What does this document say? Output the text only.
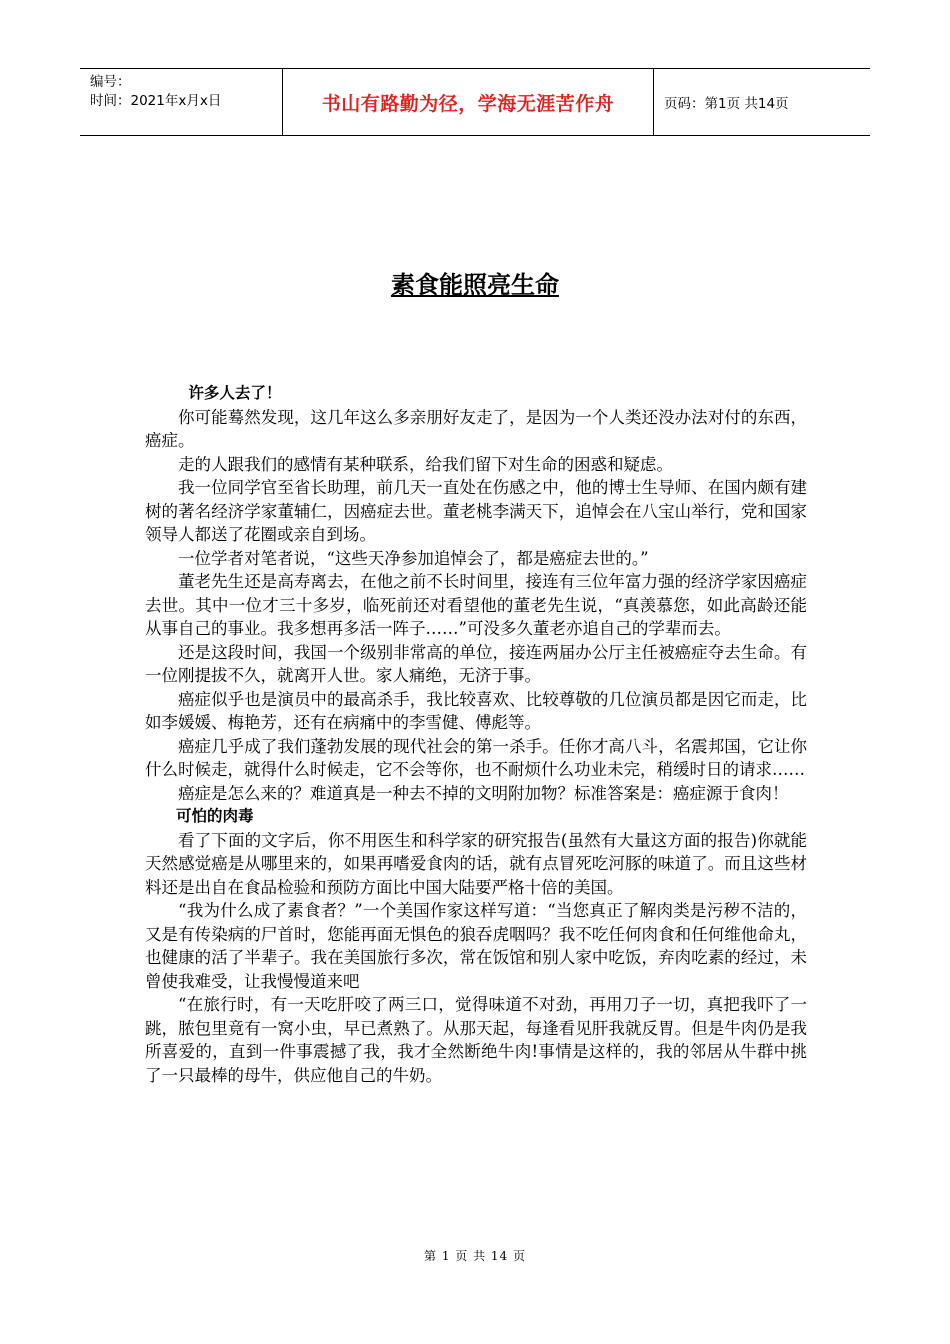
编号：
时间：2021年x月x日	书山有路勤为径，学海无涯苦作舟	页码：第1页 共14页
素食能照亮生命

许多人去了！

你可能蓦然发现，这几年这么多亲朋好友走了，是因为一个人类还没办法对付的东西，癌症。

走的人跟我们的感情有某种联系，给我们留下对生命的困惑和疑虑。

我一位同学官至省长助理，前几天一直处在伤感之中，他的博士生导师、在国内颇有建树的著名经济学家董辅仁，因癌症去世。董老桃李满天下，追悼会在八宝山举行，党和国家领导人都送了花圈或亲自到场。

一位学者对笔者说，“这些天净参加追悼会了，都是癌症去世的。”

董老先生还是高寿离去，在他之前不长时间里，接连有三位年富力强的经济学家因癌症去世。其中一位才三十多岁，临死前还对看望他的董老先生说，“真羡慕您，如此高龄还能从事自己的事业。我多想再多活一阵子……”可没多久董老亦追自己的学辈而去。

还是这段时间，我国一个级别非常高的单位，接连两届办公厅主任被癌症夺去生命。有一位刚提拔不久，就离开人世。家人痛绝，无济于事。

癌症似乎也是演员中的最高杀手，我比较喜欢、比较尊敬的几位演员都是因它而走，比如李媛媛、梅艳芳，还有在病痛中的李雪健、傅彪等。

癌症几乎成了我们蓬勃发展的现代社会的第一杀手。任你才高八斗，名震邦国，它让你什么时候走，就得什么时候走，它不会等你，也不耐烦什么功业未完，稍缓时日的请求……

癌症是怎么来的？难道真是一种去不掉的文明附加物？标准答案是：癌症源于食肉！

可怕的肉毒

看了下面的文字后，你不用医生和科学家的研究报告(虽然有大量这方面的报告)你就能天然感觉癌是从哪里来的，如果再嗜爱食肉的话，就有点冒死吃河豚的味道了。而且这些材料还是出自在食品检验和预防方面比中国大陆要严格十倍的美国。

“我为什么成了素食者？”一个美国作家这样写道：“当您真正了解肉类是污秽不洁的，又是有传染病的尸首时，您能再面无惧色的狼吞虎咽吗？我不吃任何肉食和任何维他命丸，也健康的活了半辈子。我在美国旅行多次，常在饭馆和别人家中吃饭，弃肉吃素的经过，未曾使我难受，让我慢慢道来吧

“在旅行时，有一天吃肝咬了两三口，觉得味道不对劲，再用刀子一切，真把我吓了一跳，脓包里竟有一窝小虫，早已煮熟了。从那天起，每逢看见肝我就反胃。但是牛肉仍是我所喜爱的，直到一件事震撼了我，我才全然断绝牛肉!事情是这样的，我的邻居从牛群中挑了一只最棒的母牛，供应他自己的牛奶。

第 1 页 共 14 页
